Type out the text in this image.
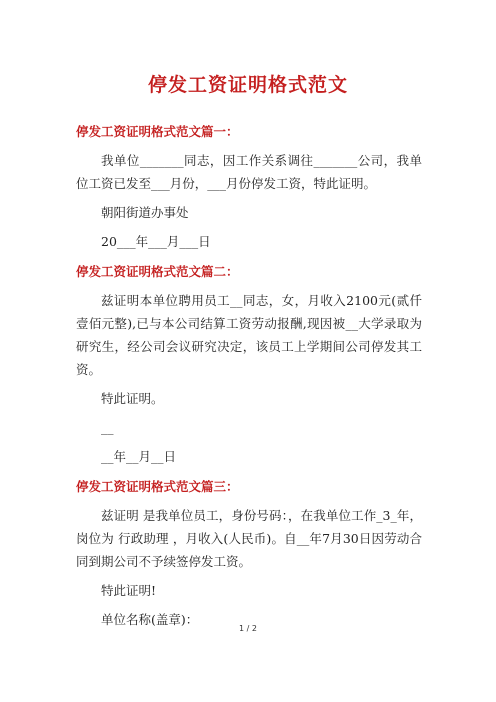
停发工资证明格式范文
停发工资证明格式范文篇一：

我单位_______同志，因工作关系调往_______公司，我单位工资已发至___月份，___月份停发工资，特此证明。

朝阳街道办事处

20___年___月___日

停发工资证明格式范文篇二：

兹证明本单位聘用员工__同志，女，月收入2100元(贰仟壹佰元整),已与本公司结算工资劳动报酬,现因被__大学录取为研究生，经公司会议研究决定，该员工上学期间公司停发其工资。

特此证明。

__

__年__月__日

停发工资证明格式范文篇三：

兹证明 是我单位员工，身份号码：，在我单位工作_3_年，岗位为 行政助理 ，月收入(人民币)。自__年7月30日因劳动合同到期公司不予续签停发工资。

特此证明!

单位名称(盖章)：

1 / 2
